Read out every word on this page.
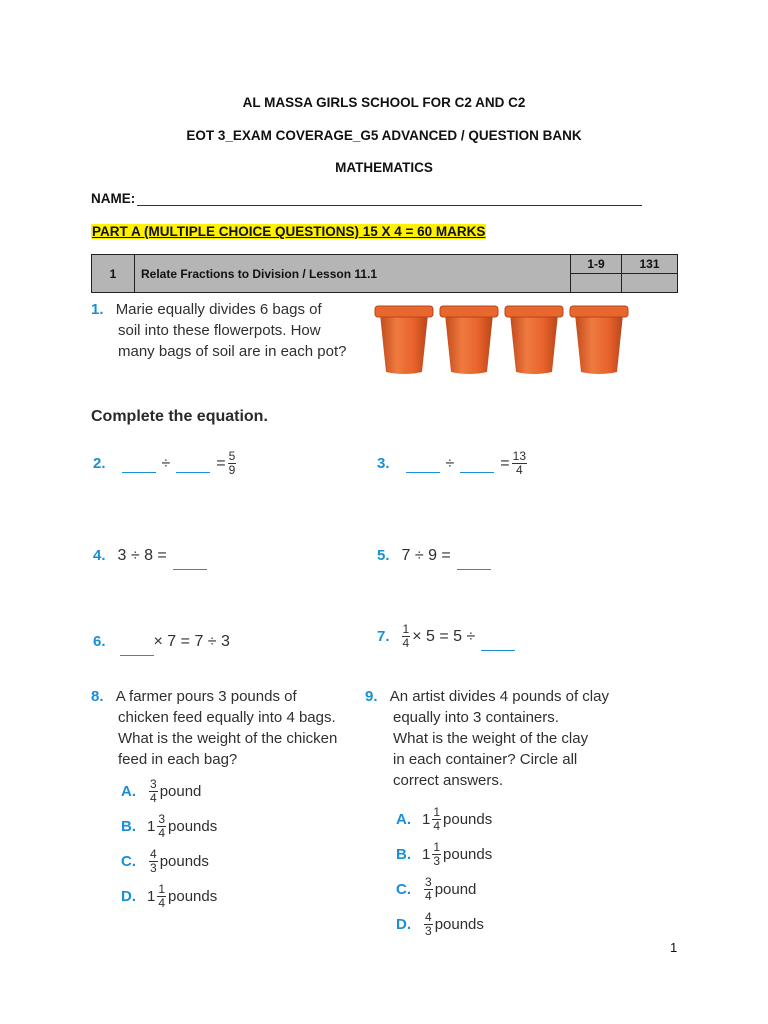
AL MASSA GIRLS SCHOOL FOR C2 AND C2
EOT 3_EXAM COVERAGE_G5 ADVANCED / QUESTION BANK
MATHEMATICS
NAME:
PART A (MULTIPLE CHOICE QUESTIONS) 15 X 4 = 60 MARKS
1	Relate Fractions to Division / Lesson 11.1	1-9	131

1. Marie equally divides 6 bags of
soil into these flowerpots. How
many bags of soil are in each pot?
Complete the equation.
2.
	÷
	= $\frac{5}{9}$	3.
	÷
	= $\frac{13}{4}$
4. 3 ÷ 8 =
	5. 7 ÷ 9 =

6.
	× 7 = 7 ÷ 3	7. $\frac{1}{4} \times 5 = 5$ ÷

8. A farmer pours 3 pounds of
chicken feed equally into 4 bags.
What is the weight of the chicken
feed in each bag?
A.	$\frac{3}{4}$ pound
B. $1 \frac{3}{4}$ pounds
C.	$\frac{4}{3}$ pounds
D. $1 \frac{1}{4}$ pounds
9. An artist divides 4 pounds of clay
equally into 3 containers.
What is the weight of the clay
in each container? Circle all
correct answers.
A. $1 \frac{1}{4}$ pounds
B. $1 \frac{1}{3}$ pounds
C.	$\frac{3}{4}$ pound
D.	$\frac{4}{3}$ pounds
1
